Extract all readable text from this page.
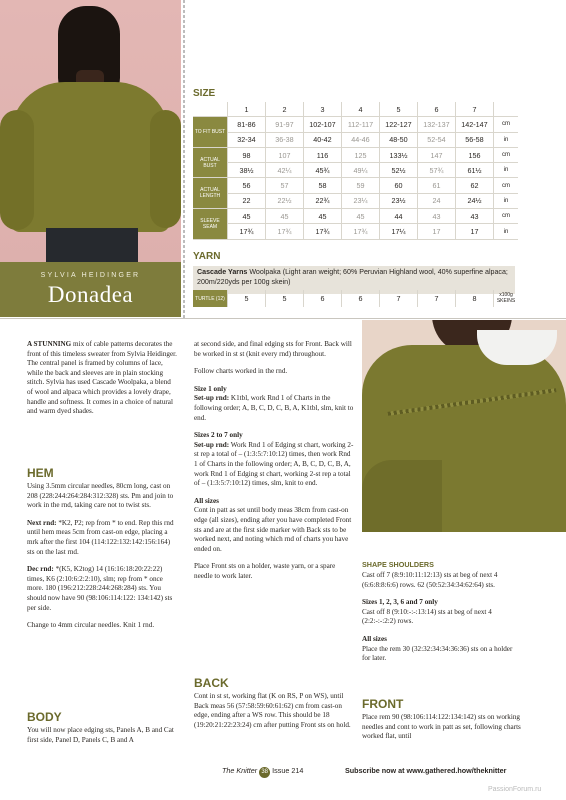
SYLVIA HEIDINGER
Donadea
SIZE
	1	2	3	4	5	6	7	
TO FIT BUST	81-86	91-97	102-107	112-117	122-127	132-137	142-147	cm
	32-34	36-38	40-42	44-46	48-50	52-54	56-58	in
ACTUAL BUST	98	107	116	125	133½	147	156	cm
	38½	42¼	45¾	49¼	52½	57¾	61½	in
ACTUAL LENGTH	56	57	58	59	60	61	62	cm
	22	22½	22¾	23¼	23½	24	24½	in
SLEEVE SEAM	45	45	45	45	44	43	43	cm
	17¾	17¾	17¾	17¾	17¼	17	17	in
YARN
Cascade Yarns Woolpaka (Light aran weight; 60% Peruvian Highland wool, 40% superfine alpaca; 200m/220yds per 100g skein)
TURTLE (12)	5	5	6	6	7	7	8	x100g SKEINS

A STUNNING mix of cable patterns decorates the front of this timeless sweater from Sylvia Heidinger. The central panel is framed by columns of lace, while the back and sleeves are in plain stocking stitch. Sylvia has used Cascade Woolpaka, a blend of wool and alpaca which provides a lovely drape, handle and softness. It comes in a choice of natural and warm dyed shades.

HEM

Using 3.5mm circular needles, 80cm long, cast on 208 (228:244:264:284:312:328) sts. Pm and join to work in the rnd, taking care not to twist sts.

Next rnd: *K2, P2; rep from * to end. Rep this rnd until hem meas 5cm from cast-on edge, placing a mrk after the first 104 (114:122:132:142:156:164) sts on the last rnd.

Dec rnd: *(K5, K2tog) 14 (16:16:18:20:22:22) times, K6 (2:10:6:2:2:10), slm; rep from * once more. 180 (196:212:228:244:268:284) sts. You should now have 90 (98:106:114:122: 134:142) sts per side.

Change to 4mm circular needles. Knit 1 rnd.

BODY

You will now place edging sts, Panels A, B and Cat first side, Panel D, Panels C, B and A

at second side, and final edging sts for Front. Back will be worked in st st (knit every rnd) throughout.

Follow charts worked in the rnd.

Size 1 only

Set-up rnd: K1tbl, work Rnd 1 of Charts in the following order; A, B, C, D, C, B, A, K1tbl, slm, knit to end.

Sizes 2 to 7 only

Set-up rnd: Work Rnd 1 of Edging st chart, working 2-st rep a total of – (1:3:5:7:10:12) times, then work Rnd 1 of Charts in the following order; A, B, C, D, C, B, A, work Rnd 1 of Edging st chart, working 2-st rep a total of – (1:3:5:7:10:12) times, slm, knit to end.

All sizes

Cont in patt as set until body meas 38cm from cast-on edge (all sizes), ending after you have completed Front sts and are at the first side marker with Back sts to be worked next, and noting which rnd of charts you have ended on.

Place Front sts on a holder, waste yarn, or a spare needle to work later.

BACK

Cont in st st, working flat (K on RS, P on WS), until Back meas 56 (57:58:59:60:61:62) cm from cast-on edge, ending after a WS row. This should be 18 (19:20:21:22:23:24) cm after putting Front sts on hold.

SHAPE SHOULDERS

Cast off 7 (8:9:10:11:12:13) sts at beg of next 4 (6:6:8:8:6:6) rows. 62 (50:52:34:34:62:64) sts.

Sizes 1, 2, 3, 6 and 7 only

Cast off 8 (9:10:-:-:13:14) sts at beg of next 4 (2:2:-:-:2:2) rows.

All sizes

Place the rem 30 (32:32:34:34:36:36) sts on a holder for later.

FRONT

Place rem 90 (98:106:114:122:134:142) sts on working needles and cont to work in patt as set, following charts worked flat, until

The Knitter 38 Issue 214	Subscribe now at www.gathered.how/theknitter
PassionForum.ru
